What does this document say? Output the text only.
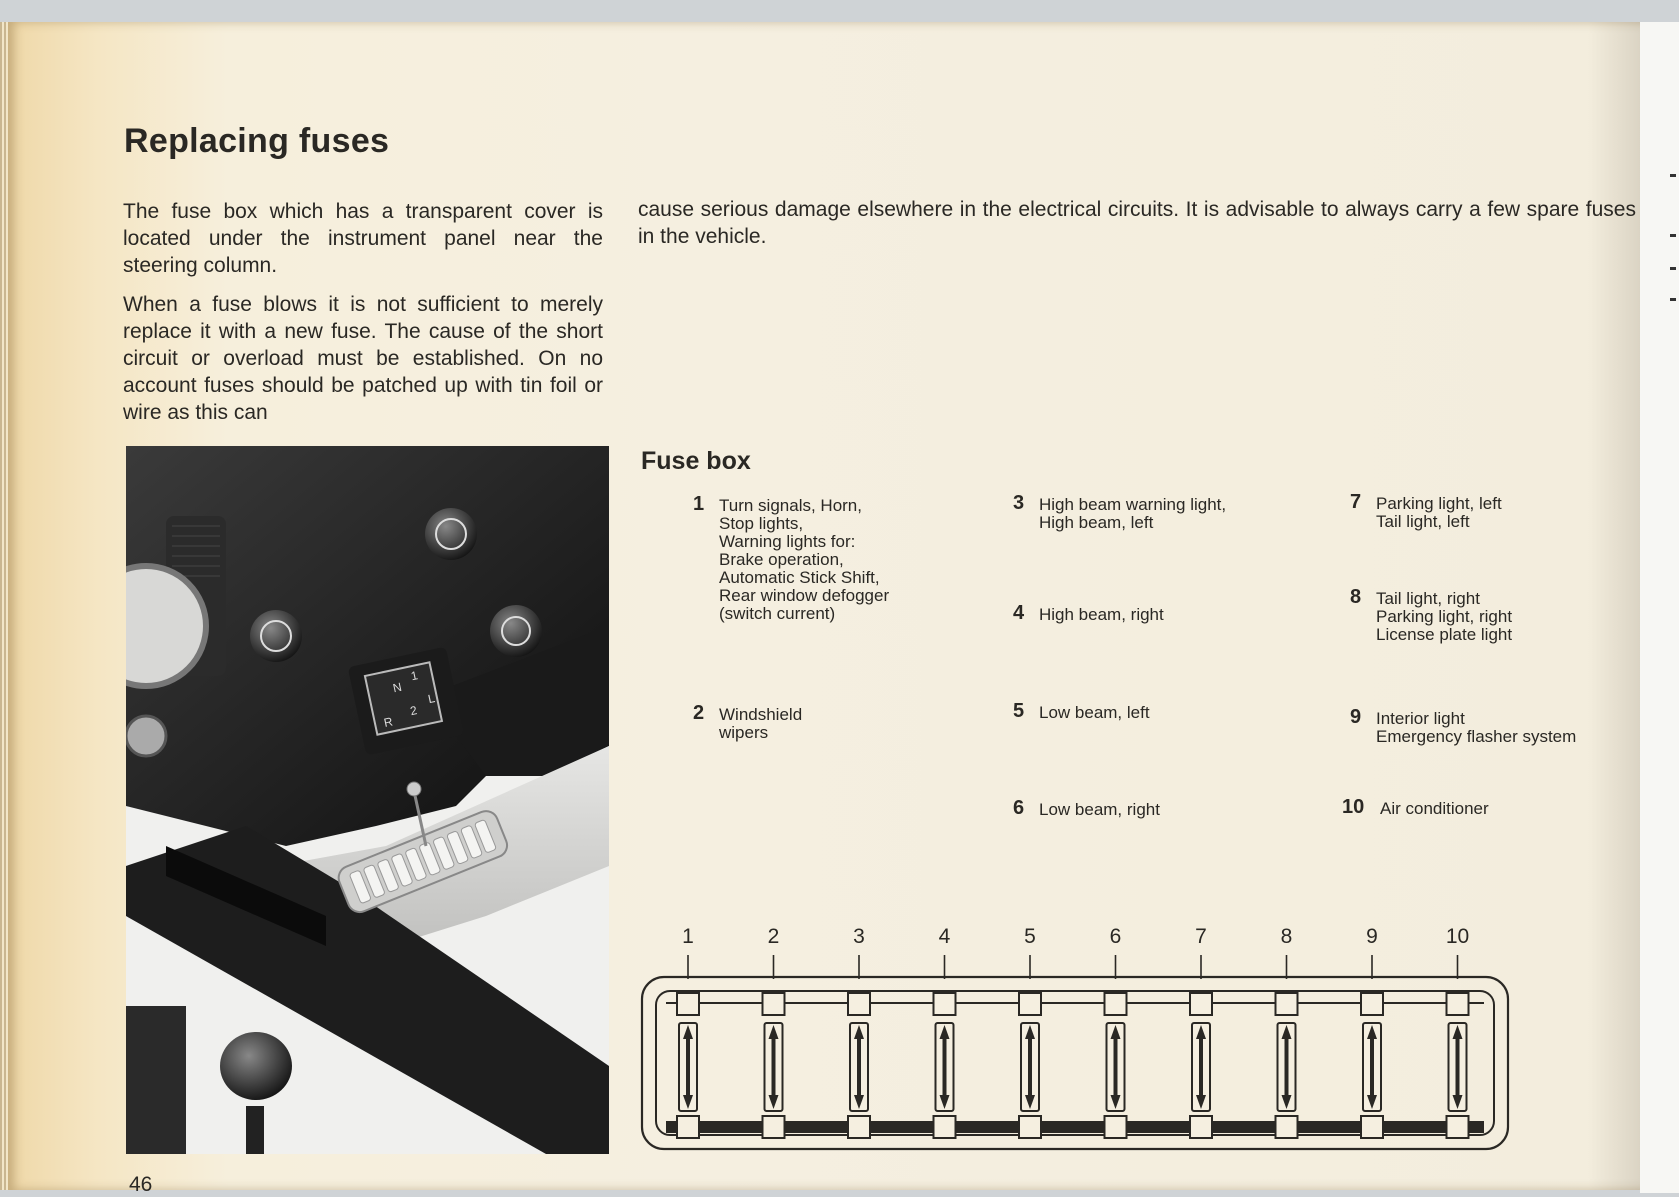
Replacing fuses

The fuse box which has a transparent cover is located under the instrument panel near the steering column.

When a fuse blows it is not sufficient to merely replace it with a new fuse. The cause of the short circuit or overload must be established. On no account fuses should be patched up with tin foil or wire as this can

cause serious damage elsewhere in the electrical circuits. It is advisable to always carry a few spare fuses in the vehicle.

R
N
1
2
L
Fuse box
1 Turn signals, Horn,
Stop lights,
Warning lights for:
Brake operation,
Automatic Stick Shift,
Rear window defogger
(switch current)
2 Windshield
wipers
3 High beam warning light,
High beam, left
4 High beam, right
5 Low beam, left
6 Low beam, right
7 Parking light, left
Tail light, left
8 Tail light, right
Parking light, right
License plate light
9 Interior light
Emergency flasher system
10 Air conditioner
1	2	3	4	5	6	7	8	9	10
46
